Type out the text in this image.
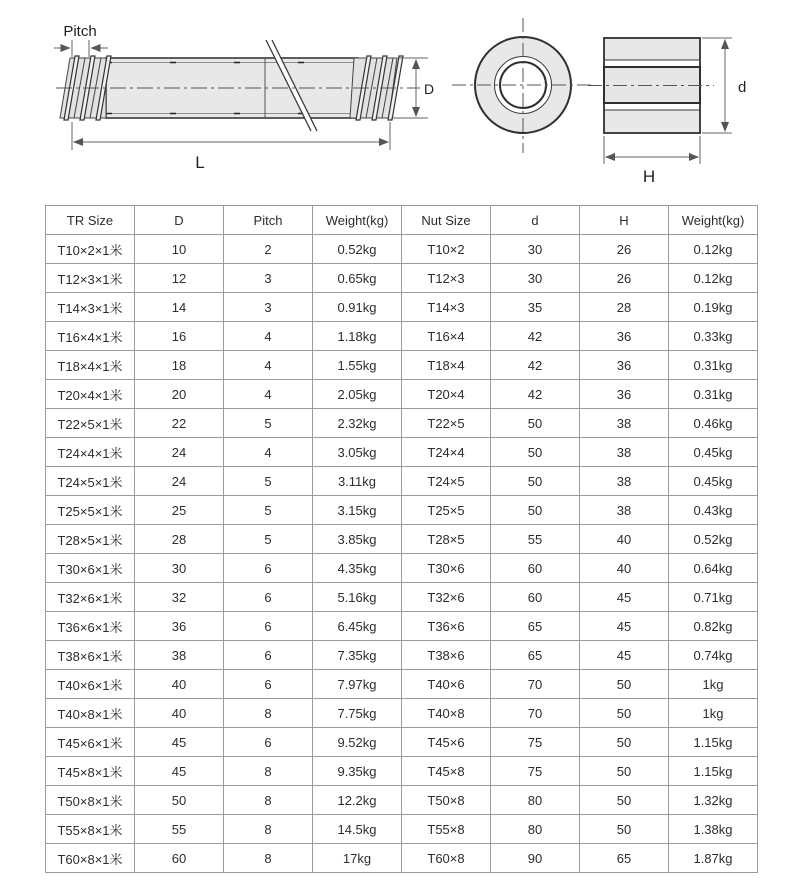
Pitch
D
L
d
H
TR Size	D	Pitch	Weight(kg)	Nut Size	d	H	Weight(kg)
T10×2×1米	10	2	0.52kg	T10×2	30	26	0.12kg
T12×3×1米	12	3	0.65kg	T12×3	30	26	0.12kg
T14×3×1米	14	3	0.91kg	T14×3	35	28	0.19kg
T16×4×1米	16	4	1.18kg	T16×4	42	36	0.33kg
T18×4×1米	18	4	1.55kg	T18×4	42	36	0.31kg
T20×4×1米	20	4	2.05kg	T20×4	42	36	0.31kg
T22×5×1米	22	5	2.32kg	T22×5	50	38	0.46kg
T24×4×1米	24	4	3.05kg	T24×4	50	38	0.45kg
T24×5×1米	24	5	3.11kg	T24×5	50	38	0.45kg
T25×5×1米	25	5	3.15kg	T25×5	50	38	0.43kg
T28×5×1米	28	5	3.85kg	T28×5	55	40	0.52kg
T30×6×1米	30	6	4.35kg	T30×6	60	40	0.64kg
T32×6×1米	32	6	5.16kg	T32×6	60	45	0.71kg
T36×6×1米	36	6	6.45kg	T36×6	65	45	0.82kg
T38×6×1米	38	6	7.35kg	T38×6	65	45	0.74kg
T40×6×1米	40	6	7.97kg	T40×6	70	50	1kg
T40×8×1米	40	8	7.75kg	T40×8	70	50	1kg
T45×6×1米	45	6	9.52kg	T45×6	75	50	1.15kg
T45×8×1米	45	8	9.35kg	T45×8	75	50	1.15kg
T50×8×1米	50	8	12.2kg	T50×8	80	50	1.32kg
T55×8×1米	55	8	14.5kg	T55×8	80	50	1.38kg
T60×8×1米	60	8	17kg	T60×8	90	65	1.87kg
